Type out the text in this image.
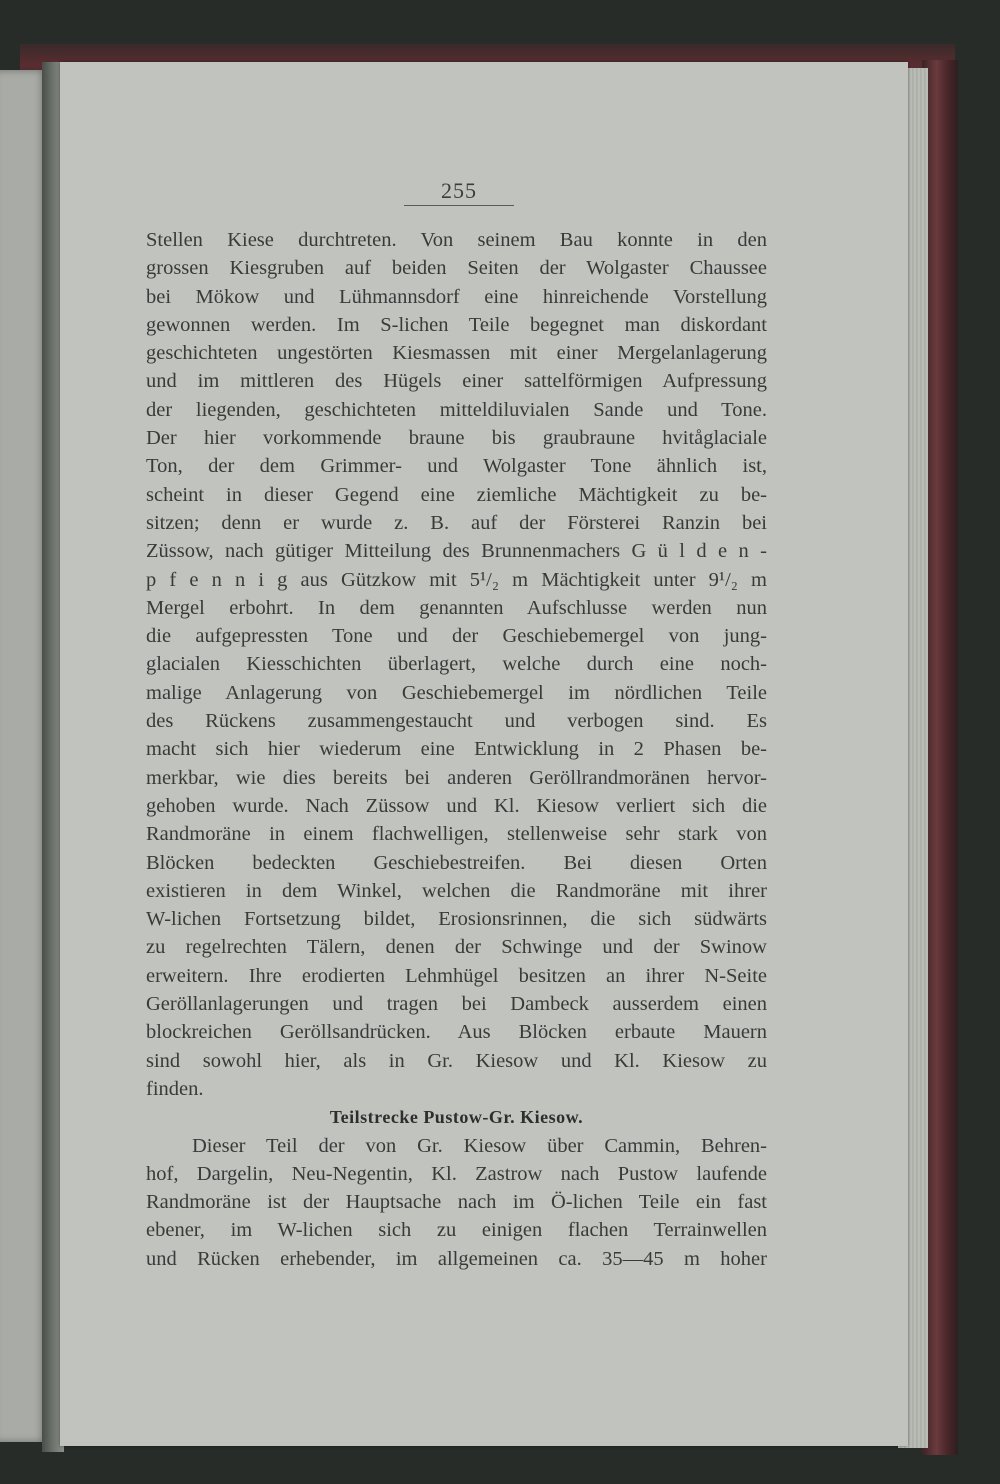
255
Stellen Kiese durchtreten. Von seinem Bau konnte in den
grossen Kiesgruben auf beiden Seiten der Wolgaster Chaussee
bei Mökow und Lühmannsdorf eine hinreichende Vorstellung
gewonnen werden. Im S-lichen Teile begegnet man diskordant
geschichteten ungestörten Kiesmassen mit einer Mergelanlagerung
und im mittleren des Hügels einer sattelförmigen Aufpressung
der liegenden, geschichteten mitteldiluvialen Sande und Tone.
Der hier vorkommende braune bis graubraune hvitåglaciale
Ton, der dem Grimmer- und Wolgaster Tone ähnlich ist,
scheint in dieser Gegend eine ziemliche Mächtigkeit zu be-
sitzen; denn er wurde z. B. auf der Försterei Ranzin bei
Züssow, nach gütiger Mitteilung des Brunnenmachers G ü l d e n -
p f e n n i g aus Gützkow mit 5¹/₂ m Mächtigkeit unter 9¹/₂ m
Mergel erbohrt. In dem genannten Aufschlusse werden nun
die aufgepressten Tone und der Geschiebemergel von jung-
glacialen Kiesschichten überlagert, welche durch eine noch-
malige Anlagerung von Geschiebemergel im nördlichen Teile
des Rückens zusammengestaucht und verbogen sind. Es
macht sich hier wiederum eine Entwicklung in 2 Phasen be-
merkbar, wie dies bereits bei anderen Geröllrandmoränen hervor-
gehoben wurde. Nach Züssow und Kl. Kiesow verliert sich die
Randmoräne in einem flachwelligen, stellenweise sehr stark von
Blöcken bedeckten Geschiebestreifen. Bei diesen Orten
existieren in dem Winkel, welchen die Randmoräne mit ihrer
W-lichen Fortsetzung bildet, Erosionsrinnen, die sich südwärts
zu regelrechten Tälern, denen der Schwinge und der Swinow
erweitern. Ihre erodierten Lehmhügel besitzen an ihrer N-Seite
Geröllanlagerungen und tragen bei Dambeck ausserdem einen
blockreichen Geröllsandrücken. Aus Blöcken erbaute Mauern
sind sowohl hier, als in Gr. Kiesow und Kl. Kiesow zu
finden.
Teilstrecke Pustow-Gr. Kiesow.
Dieser Teil der von Gr. Kiesow über Cammin, Behren-
hof, Dargelin, Neu-Negentin, Kl. Zastrow nach Pustow laufende
Randmoräne ist der Hauptsache nach im Ö-lichen Teile ein fast
ebener, im W-lichen sich zu einigen flachen Terrainwellen
und Rücken erhebender, im allgemeinen ca. 35—45 m hoher
